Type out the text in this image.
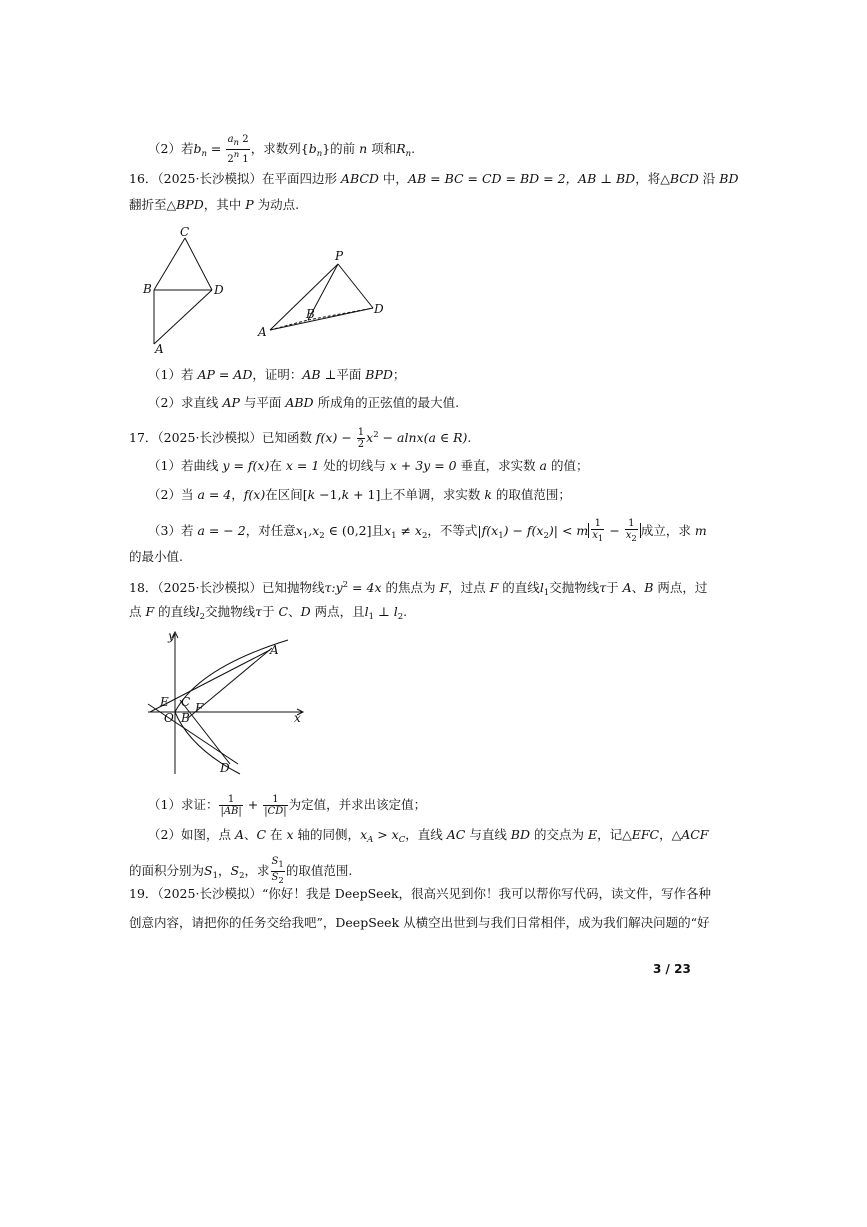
（2）若$b_n = \frac{a_n 2}{2^n 1}$ ，求数列$\{b_n\}$的前 n 项和$R_n$.
16．（2025·长沙模拟）在平面四边形 ABCD 中，AB = BC = CD = BD = 2，AB ⊥ BD，将△BCD 沿 BD
翻折至△BPD，其中 P 为动点.
C
B	D
A
P
A
B	D
（1）若 AP = AD，证明：AB ⊥平面 BPD；
（2）求直线 AP 与平面 ABD 所成角的正弦值的最大值.
17．（2025·长沙模拟）已知函数 $f(x) - \frac{1}{2} x^2 - alnx(a$ ∈ R).
（1）若曲线 y = f(x)在 x = 1 处的切线与 x + 3y = 0 垂直，求实数 a 的值；
（2）当 a = 4，f(x)在区间[k −1,k + 1]上不单调，求实数 k 的取值范围；
（3）若 a = − 2，对任意$x_1,x_2$ ∈ (0,2]且$x_1 \ne x_2$，不等式$|f(x_1) - f(x_2)| < m \frac{1}{x_1} - \frac{1}{x_2}$ 成立，求 m
的最小值.
18．（2025·长沙模拟）已知抛物线$\tau:y^2 = 4x$ 的焦点为 F，过点 F 的直线$l_1$交抛物线τ于 A、B 两点，过
点 F 的直线$l_2$交抛物线τ于 C、D 两点，且$l_1$ ⊥ $l_2$.
y
x
A
E C
O B
F
D
（1）求证： $\frac{1}{|AB|} + \frac{1}{|CD|}$ 为定值，并求出该定值；
（2）如图，点 A、C 在 x 轴的同侧，$x_A > x_C$，直线 AC 与直线 BD 的交点为 E，记△EFC，△ACF
的面积分别为$S_1$，$S_2$，求 $\frac{S_1}{S_2}$ 的取值范围.
19．（2025·长沙模拟）“你好！我是 DeepSeek，很高兴见到你！我可以帮你写代码，读文件，写作各种
创意内容，请把你的任务交给我吧”，DeepSeek 从横空出世到与我们日常相伴，成为我们解决问题的“好
3 / 23
